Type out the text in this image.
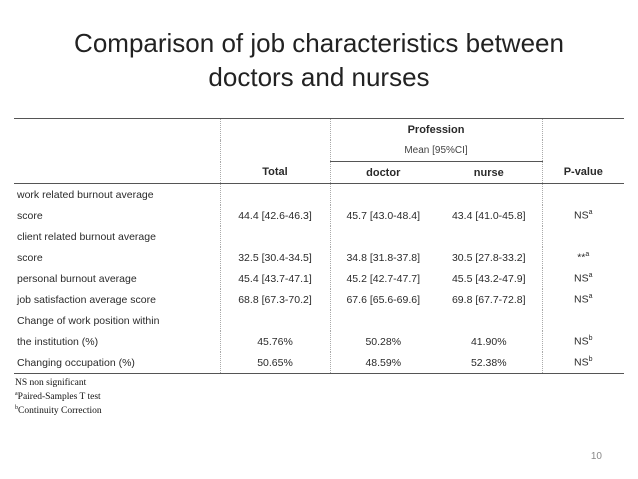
Comparison of job characteristics between
doctors and nurses
		Profession		
		Mean [95%CI]		
	Total	doctor	nurse	P-value
work related burnout average				
score	44.4 [42.6-46.3]	45.7 [43.0-48.4]	43.4 [41.0-45.8]	$NS^a$
client related burnout average				
score	32.5 [30.4-34.5]	34.8 [31.8-37.8]	30.5 [27.8-33.2]	**$^a$
personal burnout average	45.4 [43.7-47.1]	45.2 [42.7-47.7]	45.5 [43.2-47.9]	$NS^a$
job satisfaction average score	68.8 [67.3-70.2]	67.6 [65.6-69.6]	69.8 [67.7-72.8]	$NS^a$
Change of work position within				
the institution (%)	45.76%	50.28%	41.90%	$NS^b$
Changing occupation (%)	50.65%	48.59%	52.38%	$NS^b$
NS non significant
$^a$Paired-Samples T test
$^b$Continuity Correction
10
